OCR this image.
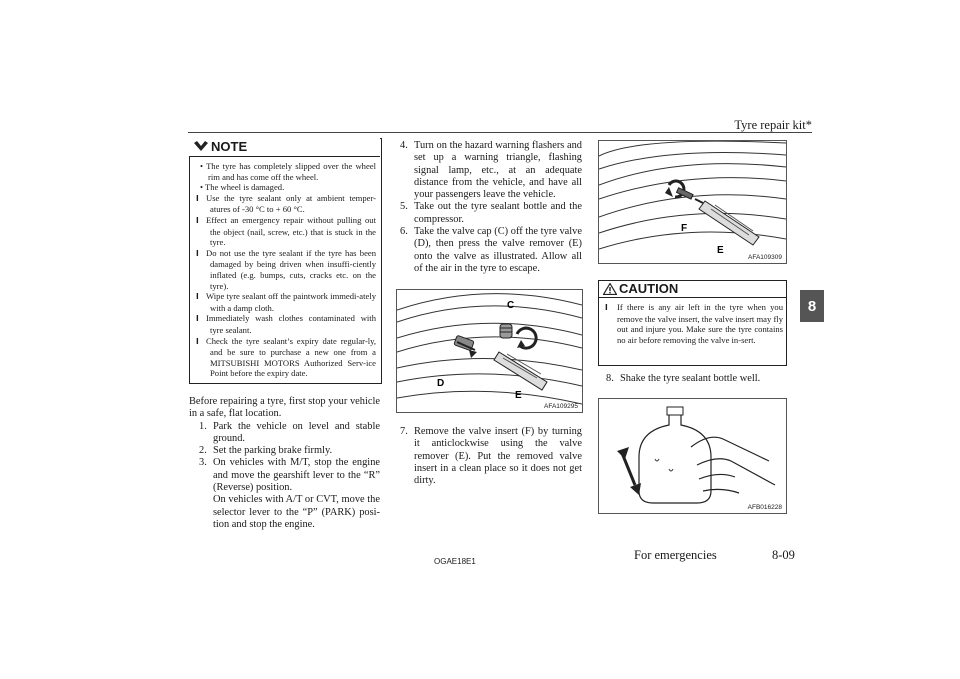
Tyre repair kit*
8
NOTE

• The tyre has completely slipped over the wheel rim and has come off the wheel.

• The wheel is damaged.

l Use the tyre sealant only at ambient temper-atures of -30 °C to + 60 °C.

l Effect an emergency repair without pulling out the object (nail, screw, etc.) that is stuck in the tyre.

l Do not use the tyre sealant if the tyre has been damaged by being driven when insuffi-ciently inflated (e.g. bumps, cuts, cracks etc. on the tyre).

l Wipe tyre sealant off the paintwork immedi-ately with a damp cloth.

l Immediately wash clothes contaminated with tyre sealant.

l Check the tyre sealant’s expiry date regular-ly, and be sure to purchase a new one from a MITSUBISHI MOTORS Authorized Serv-ice Point before the expiry date.

Before repairing a tyre, first stop your vehicle in a safe, flat location.

1. Park the vehicle on level and stable ground.

2. Set the parking brake firmly.

3. On vehicles with M/T, stop the engine and move the gearshift lever to the “R” (Reverse) position.

On vehicles with A/T or CVT, move the selector lever to the “P” (PARK) posi-tion and stop the engine.

4. Turn on the hazard warning flashers and set up a warning triangle, flashing signal lamp, etc., at an adequate distance from the vehicle, and have all your passengers leave the vehicle.

5. Take out the tyre sealant bottle and the compressor.

6. Take the valve cap (C) off the tyre valve (D), then press the valve remover (E) onto the valve as illustrated. Allow all of the air in the tyre to escape.

C
D
E
AFA109295

7. Remove the valve insert (F) by turning it anticlockwise using the valve remover (E). Put the removed valve insert in a clean place so it does not get dirty.

F
E
AFA109309
CAUTION
l If there is any air left in the tyre when you remove the valve insert, the valve insert may fly out and injure you. Make sure the tyre contains no air before removing the valve in-sert.

8. Shake the tyre sealant bottle well.

AFB016228
OGAE18E1	For emergencies	8-09
